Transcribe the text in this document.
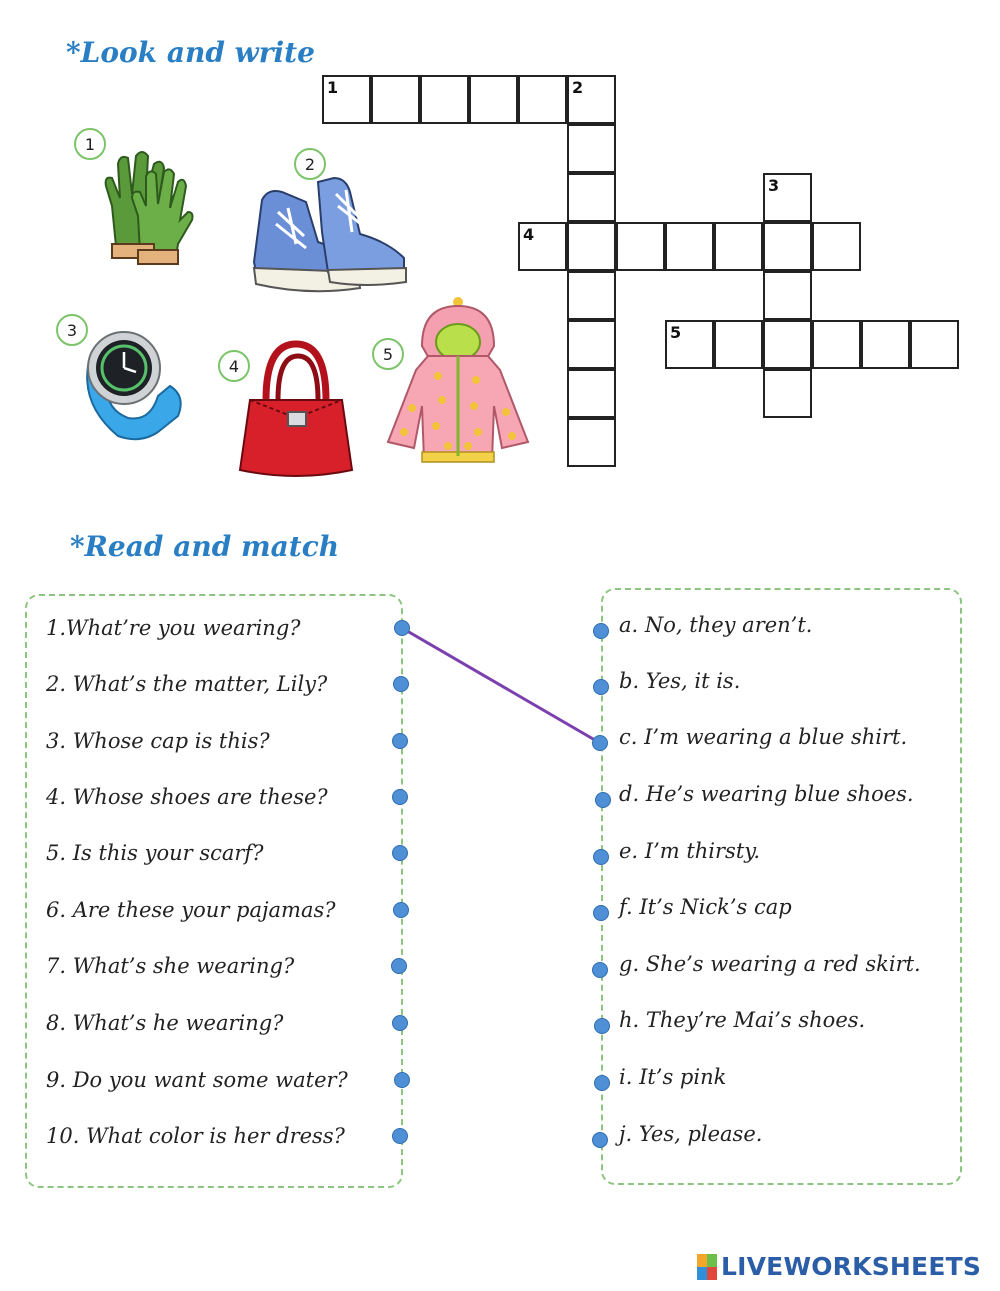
*Look and write
*Read and match
1
2
3
4
5
1	2
3
4
5
1.What’re you wearing?
2. What’s the matter, Lily?
3. Whose cap is this?
4. Whose shoes are these?
5. Is this your scarf?
6. Are these your pajamas?
7. What’s she wearing?
8. What’s he wearing?
9. Do you want some water?
10. What color is her dress?
a. No, they aren’t.
b. Yes, it is.
c. I’m wearing a blue shirt.
d. He’s wearing blue shoes.
e. I’m thirsty.
f. It’s Nick’s cap
g. She’s wearing a red skirt.
h. They’re Mai’s shoes.
i. It’s pink
j. Yes, please.
LIVEWORKSHEETS
